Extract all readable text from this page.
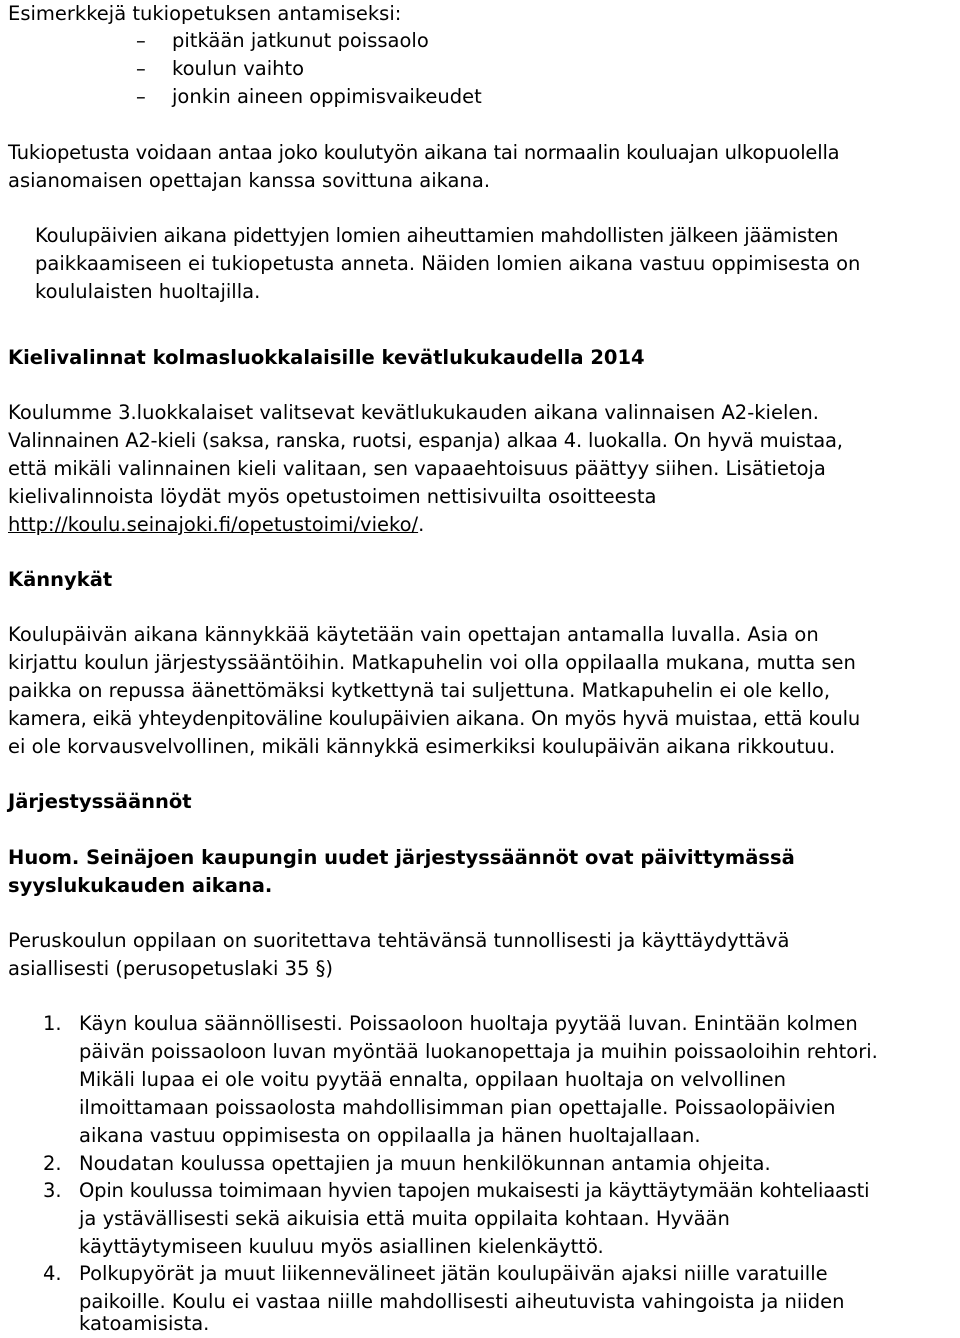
Esimerkkejä tukiopetuksen antamiseksi:
– pitkään jatkunut poissaolo
– koulun vaihto
– jonkin aineen oppimisvaikeudet
Tukiopetusta voidaan antaa joko koulutyön aikana tai normaalin kouluajan ulkopuolella
asianomaisen opettajan kanssa sovittuna aikana.
Koulupäivien aikana pidettyjen lomien aiheuttamien mahdollisten jälkeen jäämisten
paikkaamiseen ei tukiopetusta anneta. Näiden lomien aikana vastuu oppimisesta on
koululaisten huoltajilla.
Kielivalinnat kolmasluokkalaisille kevätlukukaudella 2014
Koulumme 3.luokkalaiset valitsevat kevätlukukauden aikana valinnaisen A2-kielen.
Valinnainen A2-kieli (saksa, ranska, ruotsi, espanja) alkaa 4. luokalla. On hyvä muistaa,
että mikäli valinnainen kieli valitaan, sen vapaaehtoisuus päättyy siihen. Lisätietoja
kielivalinnoista löydät myös opetustoimen nettisivuilta osoitteesta
http://koulu.seinajoki.fi/opetustoimi/vieko/.
Kännykät
Koulupäivän aikana kännykkää käytetään vain opettajan antamalla luvalla. Asia on
kirjattu koulun järjestyssääntöihin. Matkapuhelin voi olla oppilaalla mukana, mutta sen
paikka on repussa äänettömäksi kytkettynä tai suljettuna. Matkapuhelin ei ole kello,
kamera, eikä yhteydenpitoväline koulupäivien aikana. On myös hyvä muistaa, että koulu
ei ole korvausvelvollinen, mikäli kännykkä esimerkiksi koulupäivän aikana rikkoutuu.
Järjestyssäännöt
Huom. Seinäjoen kaupungin uudet järjestyssäännöt ovat päivittymässä
syyslukukauden aikana.
Peruskoulun oppilaan on suoritettava tehtävänsä tunnollisesti ja käyttäydyttävä
asiallisesti (perusopetuslaki 35 §)
1. Käyn koulua säännöllisesti. Poissaoloon huoltaja pyytää luvan. Enintään kolmen
päivän poissaoloon luvan myöntää luokanopettaja ja muihin poissaoloihin rehtori.
Mikäli lupaa ei ole voitu pyytää ennalta, oppilaan huoltaja on velvollinen
ilmoittamaan poissaolosta mahdollisimman pian opettajalle. Poissaolopäivien
aikana vastuu oppimisesta on oppilaalla ja hänen huoltajallaan.
2. Noudatan koulussa opettajien ja muun henkilökunnan antamia ohjeita.
3. Opin koulussa toimimaan hyvien tapojen mukaisesti ja käyttäytymään kohteliaasti
ja ystävällisesti sekä aikuisia että muita oppilaita kohtaan. Hyvään
käyttäytymiseen kuuluu myös asiallinen kielenkäyttö.
4. Polkupyörät ja muut liikennevälineet jätän koulupäivän ajaksi niille varatuille
paikoille. Koulu ei vastaa niille mahdollisesti aiheutuvista vahingoista ja niiden
katoamisista.
